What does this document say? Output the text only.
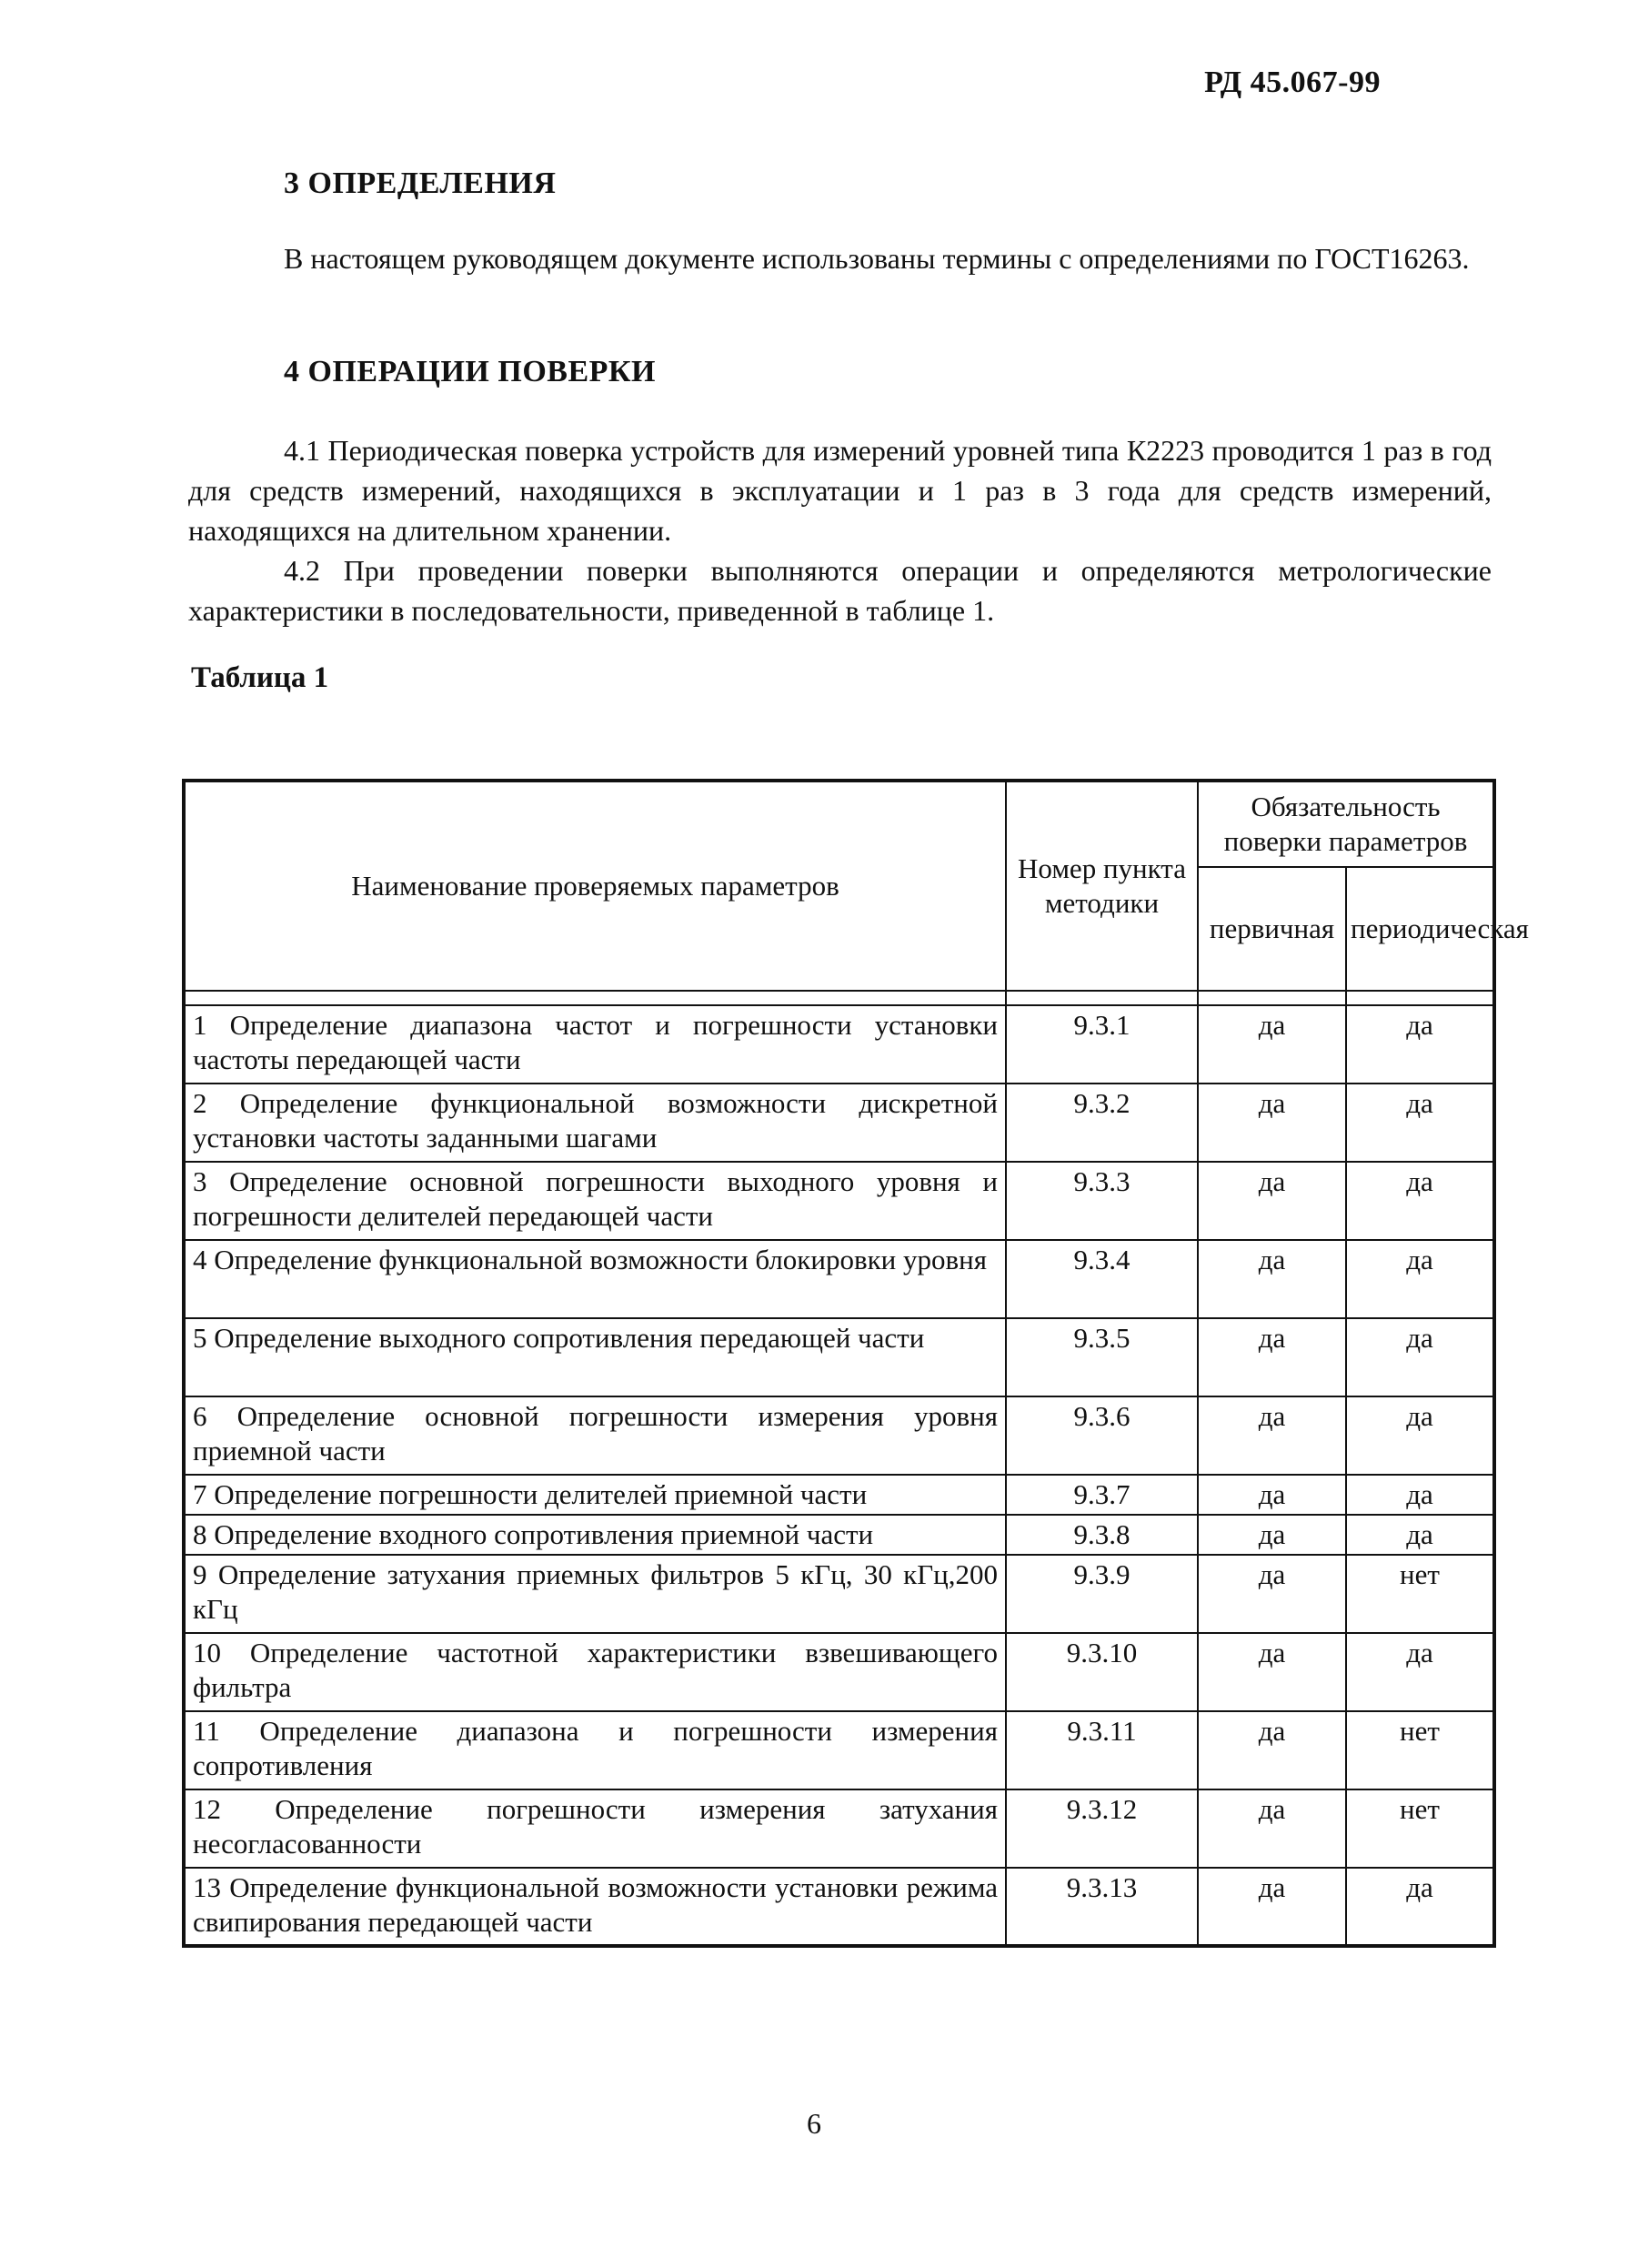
РД 45.067-99
3 ОПРЕДЕЛЕНИЯ
В настоящем руководящем документе использованы термины с определениями по ГОСТ16263.
4 ОПЕРАЦИИ ПОВЕРКИ
4.1 Периодическая поверка устройств для измерений уровней типа К2223 проводится 1 раз в год для средств измерений, находящихся в эксплуатации и 1 раз в 3 года для средств измерений, находящихся на длительном хранении.
4.2 При проведении поверки выполняются операции и определяются метрологические характеристики в последовательности, приведенной в таблице 1.
Таблица 1
Наименование проверяемых параметров	Номер пункта методики	Обязательность поверки параметров	
		первичная	периодическая

1 Определение диапазона частот и погрешности установки частоты передающей части	9.3.1	да	да
2 Определение функциональной возможности дискретной установки частоты заданными шагами	9.3.2	да	да
3 Определение основной погрешности выходного уровня и погрешности делителей передающей части	9.3.3	да	да
4 Определение функциональной возможности блокировки уровня	9.3.4	да	да
5 Определение выходного сопротивления передающей части	9.3.5	да	да
6 Определение основной погрешности измерения уровня приемной части	9.3.6	да	да
7 Определение погрешности делителей приемной части	9.3.7	да	да
8 Определение входного сопротивления приемной части	9.3.8	да	да
9 Определение затухания приемных фильтров 5 кГц, 30 кГц,200 кГц	9.3.9	да	нет
10 Определение частотной характеристики взвешивающего фильтра	9.3.10	да	да
11 Определение диапазона и погрешности измерения сопротивления	9.3.11	да	нет
12 Определение погрешности измерения затухания несогласованности	9.3.12	да	нет
13 Определение функциональной возможности установки режима свипирования передающей части	9.3.13	да	да
6
